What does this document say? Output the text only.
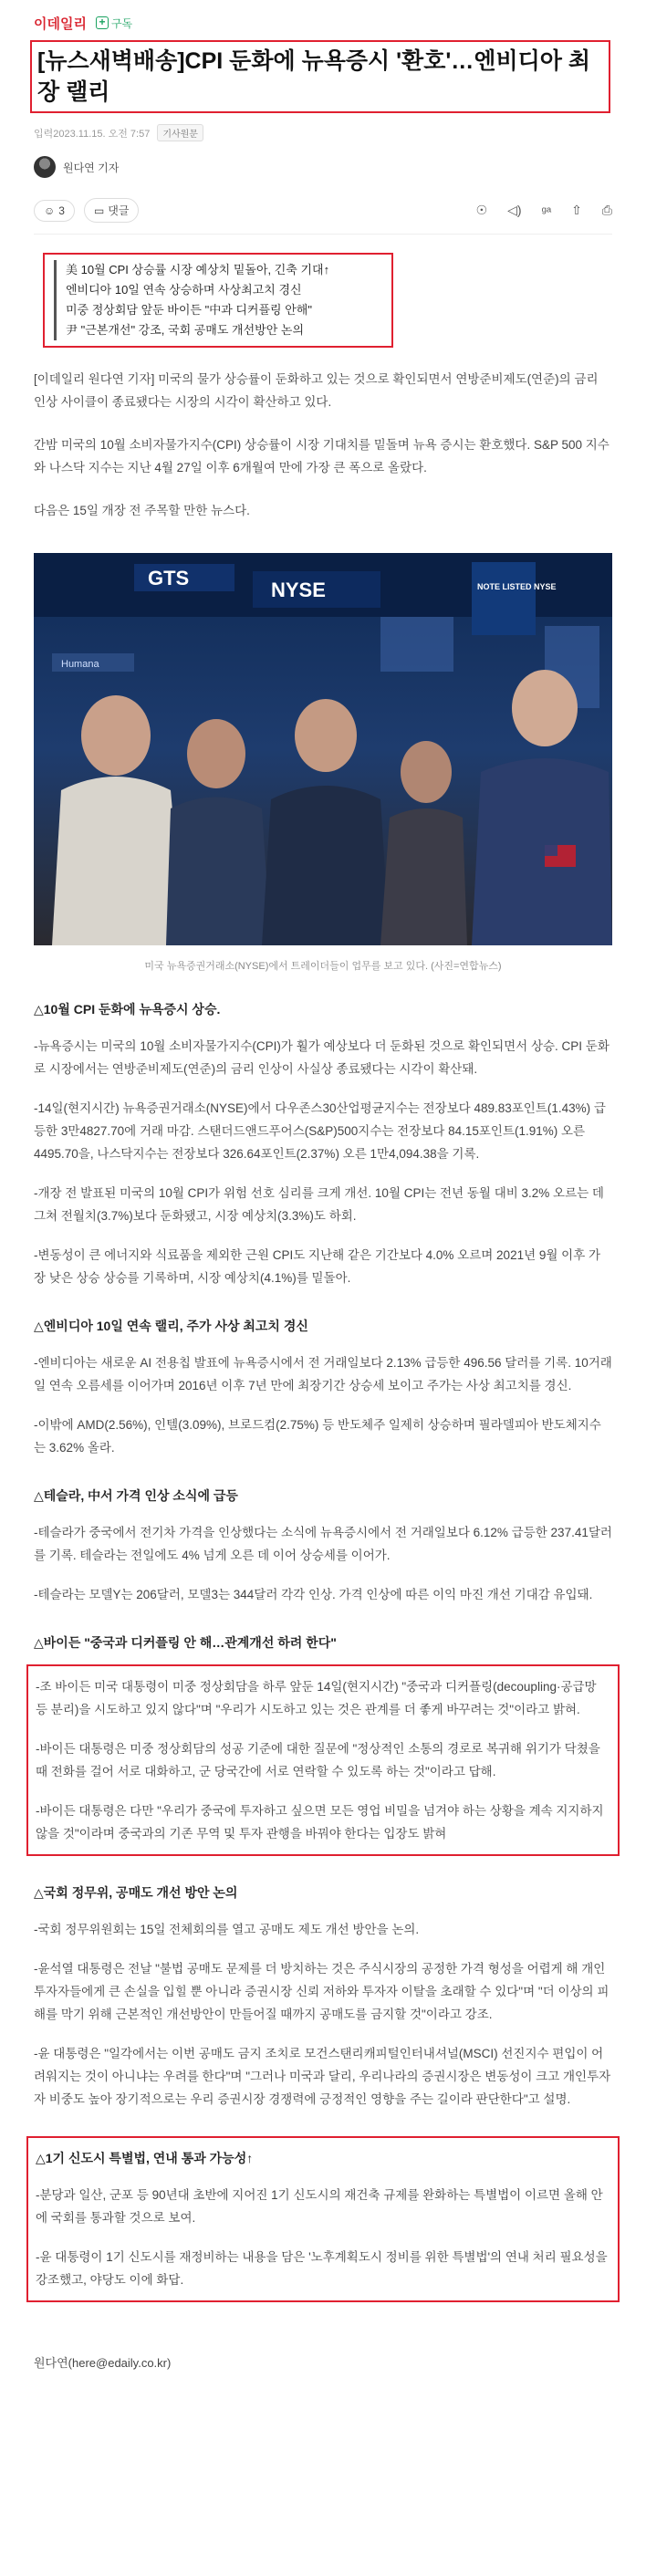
이데일리 + 구독
[뉴스새벽배송]CPI 둔화에 뉴욕증시 '환호'…엔비디아 최장 랠리
입력2023.11.15. 오전 7:57	기사원문
원다연 기자
☺ 3	▭ 댓글	☉ ◁) ᵍᵃ ⇧ ⎙
美 10월 CPI 상승률 시장 예상치 밑돌아, 긴축 기대↑
엔비디아 10일 연속 상승하며 사상최고치 경신
미중 정상회담 앞둔 바이든 "中과 디커플링 안해"
尹 "근본개선" 강조, 국회 공매도 개선방안 논의

[이데일리 원다연 기자] 미국의 물가 상승률이 둔화하고 있는 것으로 확인되면서 연방준비제도(연준)의 금리 인상 사이클이 종료됐다는 시장의 시각이 확산하고 있다.

간밤 미국의 10월 소비자물가지수(CPI) 상승률이 시장 기대치를 밑돌며 뉴욕 증시는 환호했다. S&P 500 지수와 나스닥 지수는 지난 4월 27일 이후 6개월여 만에 가장 큰 폭으로 올랐다.

다음은 15일 개장 전 주목할 만한 뉴스다.

GTS
NYSE	NOTE LISTED NYSE
Humana

미국 뉴욕증권거래소(NYSE)에서 트레이더들이 업무를 보고 있다. (사진=연합뉴스)

△10월 CPI 둔화에 뉴욕증시 상승.

-뉴욕증시는 미국의 10월 소비자물가지수(CPI)가 훨가 예상보다 더 둔화된 것으로 확인되면서 상승. CPI 둔화로 시장에서는 연방준비제도(연준)의 금리 인상이 사실상 종료됐다는 시각이 확산돼.

-14일(현지시간) 뉴욕증권거래소(NYSE)에서 다우존스30산업평균지수는 전장보다 489.83포인트(1.43%) 급등한 3만4827.70에 거래 마감. 스탠더드앤드푸어스(S&P)500지수는 전장보다 84.15포인트(1.91%) 오른 4495.70을, 나스닥지수는 전장보다 326.64포인트(2.37%) 오른 1만4,094.38을 기록.

-개장 전 발표된 미국의 10월 CPI가 위험 선호 심리를 크게 개선. 10월 CPI는 전년 동월 대비 3.2% 오르는 데 그쳐 전월치(3.7%)보다 둔화됐고, 시장 예상치(3.3%)도 하회.

-변동성이 큰 에너지와 식료품을 제외한 근원 CPI도 지난해 같은 기간보다 4.0% 오르며 2021년 9월 이후 가장 낮은 상승 상승를 기록하며, 시장 예상치(4.1%)를 밑돌아.

△엔비디아 10일 연속 랠리, 주가 사상 최고치 경신

-엔비디아는 새로운 AI 전용칩 발표에 뉴욕증시에서 전 거래일보다 2.13% 급등한 496.56 달러를 기록. 10거래일 연속 오름세를 이어가며 2016년 이후 7년 만에 최장기간 상승세 보이고 주가는 사상 최고치를 경신.

-이밖에 AMD(2.56%), 인텔(3.09%), 브로드컴(2.75%) 등 반도체주 일제히 상승하며 필라델피아 반도체지수는 3.62% 올라.

△테슬라, 中서 가격 인상 소식에 급등

-테슬라가 중국에서 전기차 가격을 인상했다는 소식에 뉴욕증시에서 전 거래일보다 6.12% 급등한 237.41달러를 기록. 테슬라는 전일에도 4% 넘게 오른 데 이어 상승세를 이어가.

-테슬라는 모델Y는 206달러, 모델3는 344달러 각각 인상. 가격 인상에 따른 이익 마진 개선 기대감 유입돼.

△바이든 "중국과 디커플링 안 해…관계개선 하려 한다"

-조 바이든 미국 대통령이 미중 정상회담을 하루 앞둔 14일(현지시간) "중국과 디커플링(decoupling·공급망 등 분리)을 시도하고 있지 않다"며 "우리가 시도하고 있는 것은 관계를 더 좋게 바꾸려는 것"이라고 밝혀.

-바이든 대통령은 미중 정상회담의 성공 기준에 대한 질문에 "정상적인 소통의 경로로 복귀해 위기가 닥쳤을 때 전화를 걸어 서로 대화하고, 군 당국간에 서로 연락할 수 있도록 하는 것"이라고 답해.

-바이든 대통령은 다만 "우리가 중국에 투자하고 싶으면 모든 영업 비밀을 넘겨야 하는 상황을 계속 지지하지 않을 것"이라며 중국과의 기존 무역 및 투자 관행을 바꿔야 한다는 입장도 밝혀

△국회 정무위, 공매도 개선 방안 논의

-국회 정무위원회는 15일 전체회의를 열고 공매도 제도 개선 방안을 논의.

-윤석열 대통령은 전날 "불법 공매도 문제를 더 방치하는 것은 주식시장의 공정한 가격 형성을 어렵게 해 개인투자자들에게 큰 손실을 입힐 뿐 아니라 증권시장 신뢰 저하와 투자자 이탈을 초래할 수 있다"며 "더 이상의 피해를 막기 위해 근본적인 개선방안이 만들어질 때까지 공매도를 금지할 것"이라고 강조.

-윤 대통령은 "일각에서는 이번 공매도 금지 조치로 모건스탠리캐피털인터내셔널(MSCI) 선진지수 편입이 어려워지는 것이 아니냐는 우려를 한다"며 "그러나 미국과 달리, 우리나라의 증권시장은 변동성이 크고 개인투자자 비중도 높아 장기적으로는 우리 증권시장 경쟁력에 긍정적인 영향을 주는 길이라 판단한다"고 설명.

△1기 신도시 특별법, 연내 통과 가능성↑

-분당과 일산, 군포 등 90년대 초반에 지어진 1기 신도시의 재건축 규제를 완화하는 특별법이 이르면 올해 안에 국회를 통과할 것으로 보여.

-윤 대통령이 1기 신도시를 재정비하는 내용을 담은 '노후계획도시 정비를 위한 특별법'의 연내 처리 필요성을 강조했고, 야당도 이에 화답.

원다연(here@edaily.co.kr)
